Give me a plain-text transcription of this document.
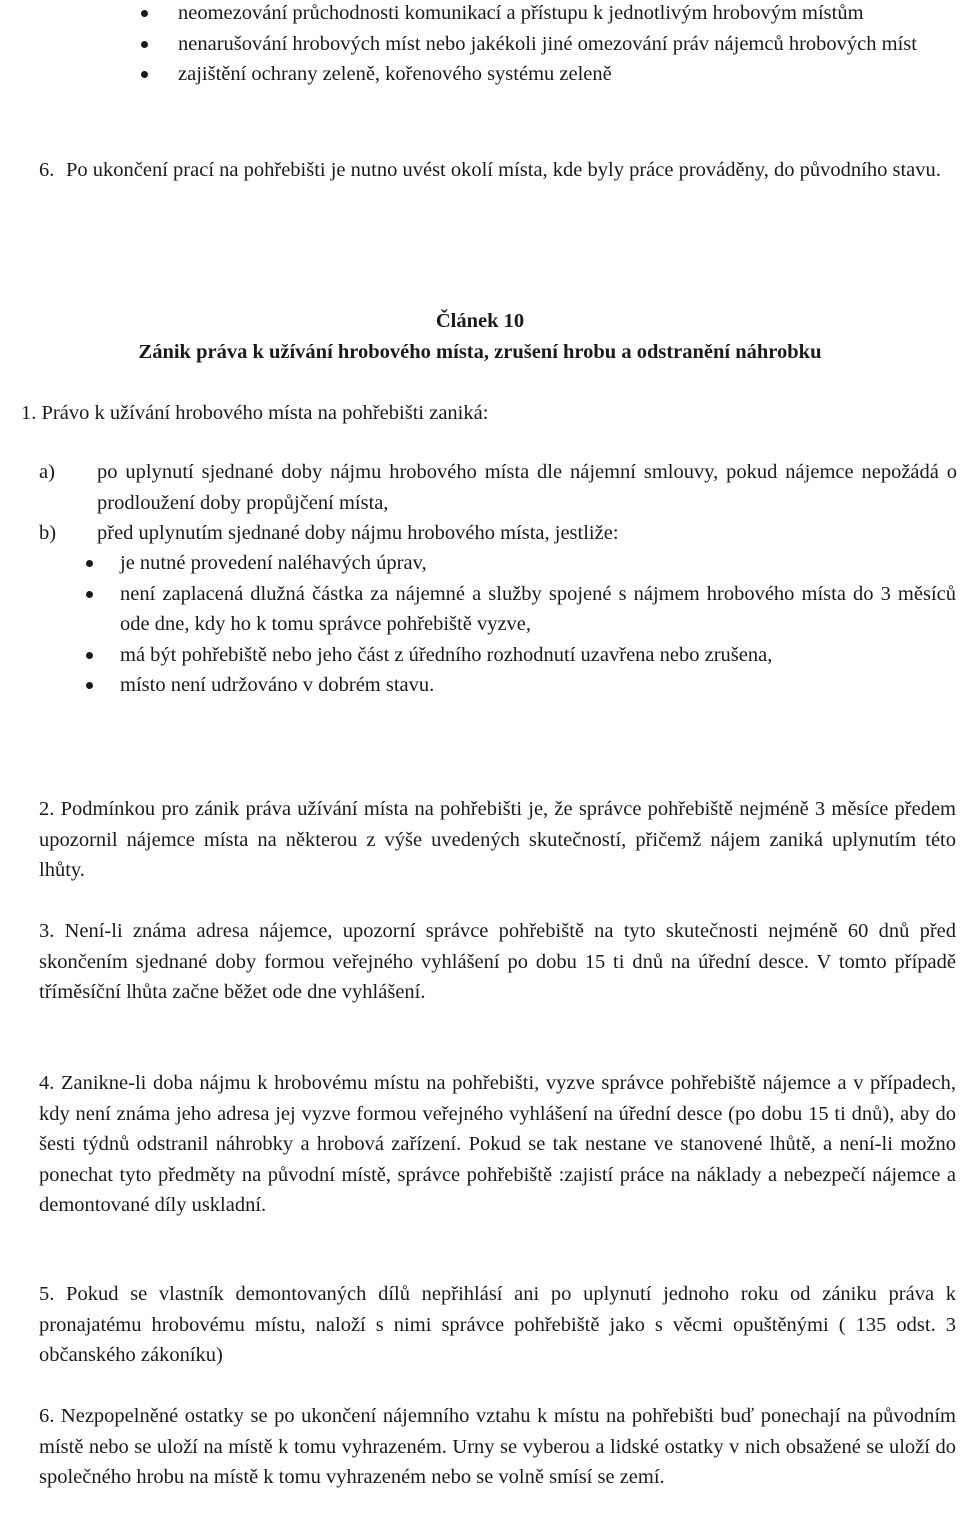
neomezování průchodnosti komunikací a přístupu k jednotlivým hrobovým místům
nenarušování hrobových míst nebo jakékoli jiné omezování práv nájemců hrobových míst
zajištění ochrany zeleně, kořenového systému zeleně
6. Po ukončení prací na pohřebišti je nutno uvést okolí místa, kde byly práce prováděny, do původního stavu.

Článek 10

Zánik práva k užívání hrobového místa, zrušení hrobu a odstranění náhrobku

1. Právo k užívání hrobového místa na pohřebišti zaniká:

a) po uplynutí sjednané doby nájmu hrobového místa dle nájemní smlouvy, pokud nájemce nepožádá o prodloužení doby propůjčení místa,

b) před uplynutím sjednané doby nájmu hrobového místa, jestliže:

je nutné provedení naléhavých úprav,
není zaplacená dlužná částka za nájemné a služby spojené s nájmem hrobového místa do 3 měsíců ode dne, kdy ho k tomu správce pohřebiště vyzve,
má být pohřebiště nebo jeho část z úředního rozhodnutí uzavřena nebo zrušena,
místo není udržováno v dobrém stavu.

2. Podmínkou pro zánik práva užívání místa na pohřebišti je, že správce pohřebiště nejméně 3 měsíce předem upozornil nájemce místa na některou z výše uvedených skutečností, přičemž nájem zaniká uplynutím této lhůty.

3. Není-li známa adresa nájemce, upozorní správce pohřebiště na tyto skutečnosti nejméně 60 dnů před skončením sjednané doby formou veřejného vyhlášení po dobu 15 ti dnů na úřední desce. V tomto případě tříměsíční lhůta začne běžet ode dne vyhlášení.

4. Zanikne-li doba nájmu k hrobovému místu na pohřebišti, vyzve správce pohřebiště nájemce a v případech, kdy není známa jeho adresa jej vyzve formou veřejného vyhlášení na úřední desce (po dobu 15 ti dnů), aby do šesti týdnů odstranil náhrobky a hrobová zařízení. Pokud se tak nestane ve stanovené lhůtě, a není-li možno ponechat tyto předměty na původní místě, správce pohřebiště :zajistí práce na náklady a nebezpečí nájemce a demontované díly uskladní.

5. Pokud se vlastník demontovaných dílů nepřihlásí ani po uplynutí jednoho roku od zániku práva k pronajatému hrobovému místu, naloží s nimi správce pohřebiště jako s věcmi opuštěnými ( 135 odst. 3 občanského zákoníku)

6. Nezpopelněné ostatky se po ukončení nájemního vztahu k místu na pohřebišti buď ponechají na původním místě nebo se uloží na místě k tomu vyhrazeném. Urny se vyberou a lidské ostatky v nich obsažené se uloží do společného hrobu na místě k tomu vyhrazeném nebo se volně smísí se zemí.
